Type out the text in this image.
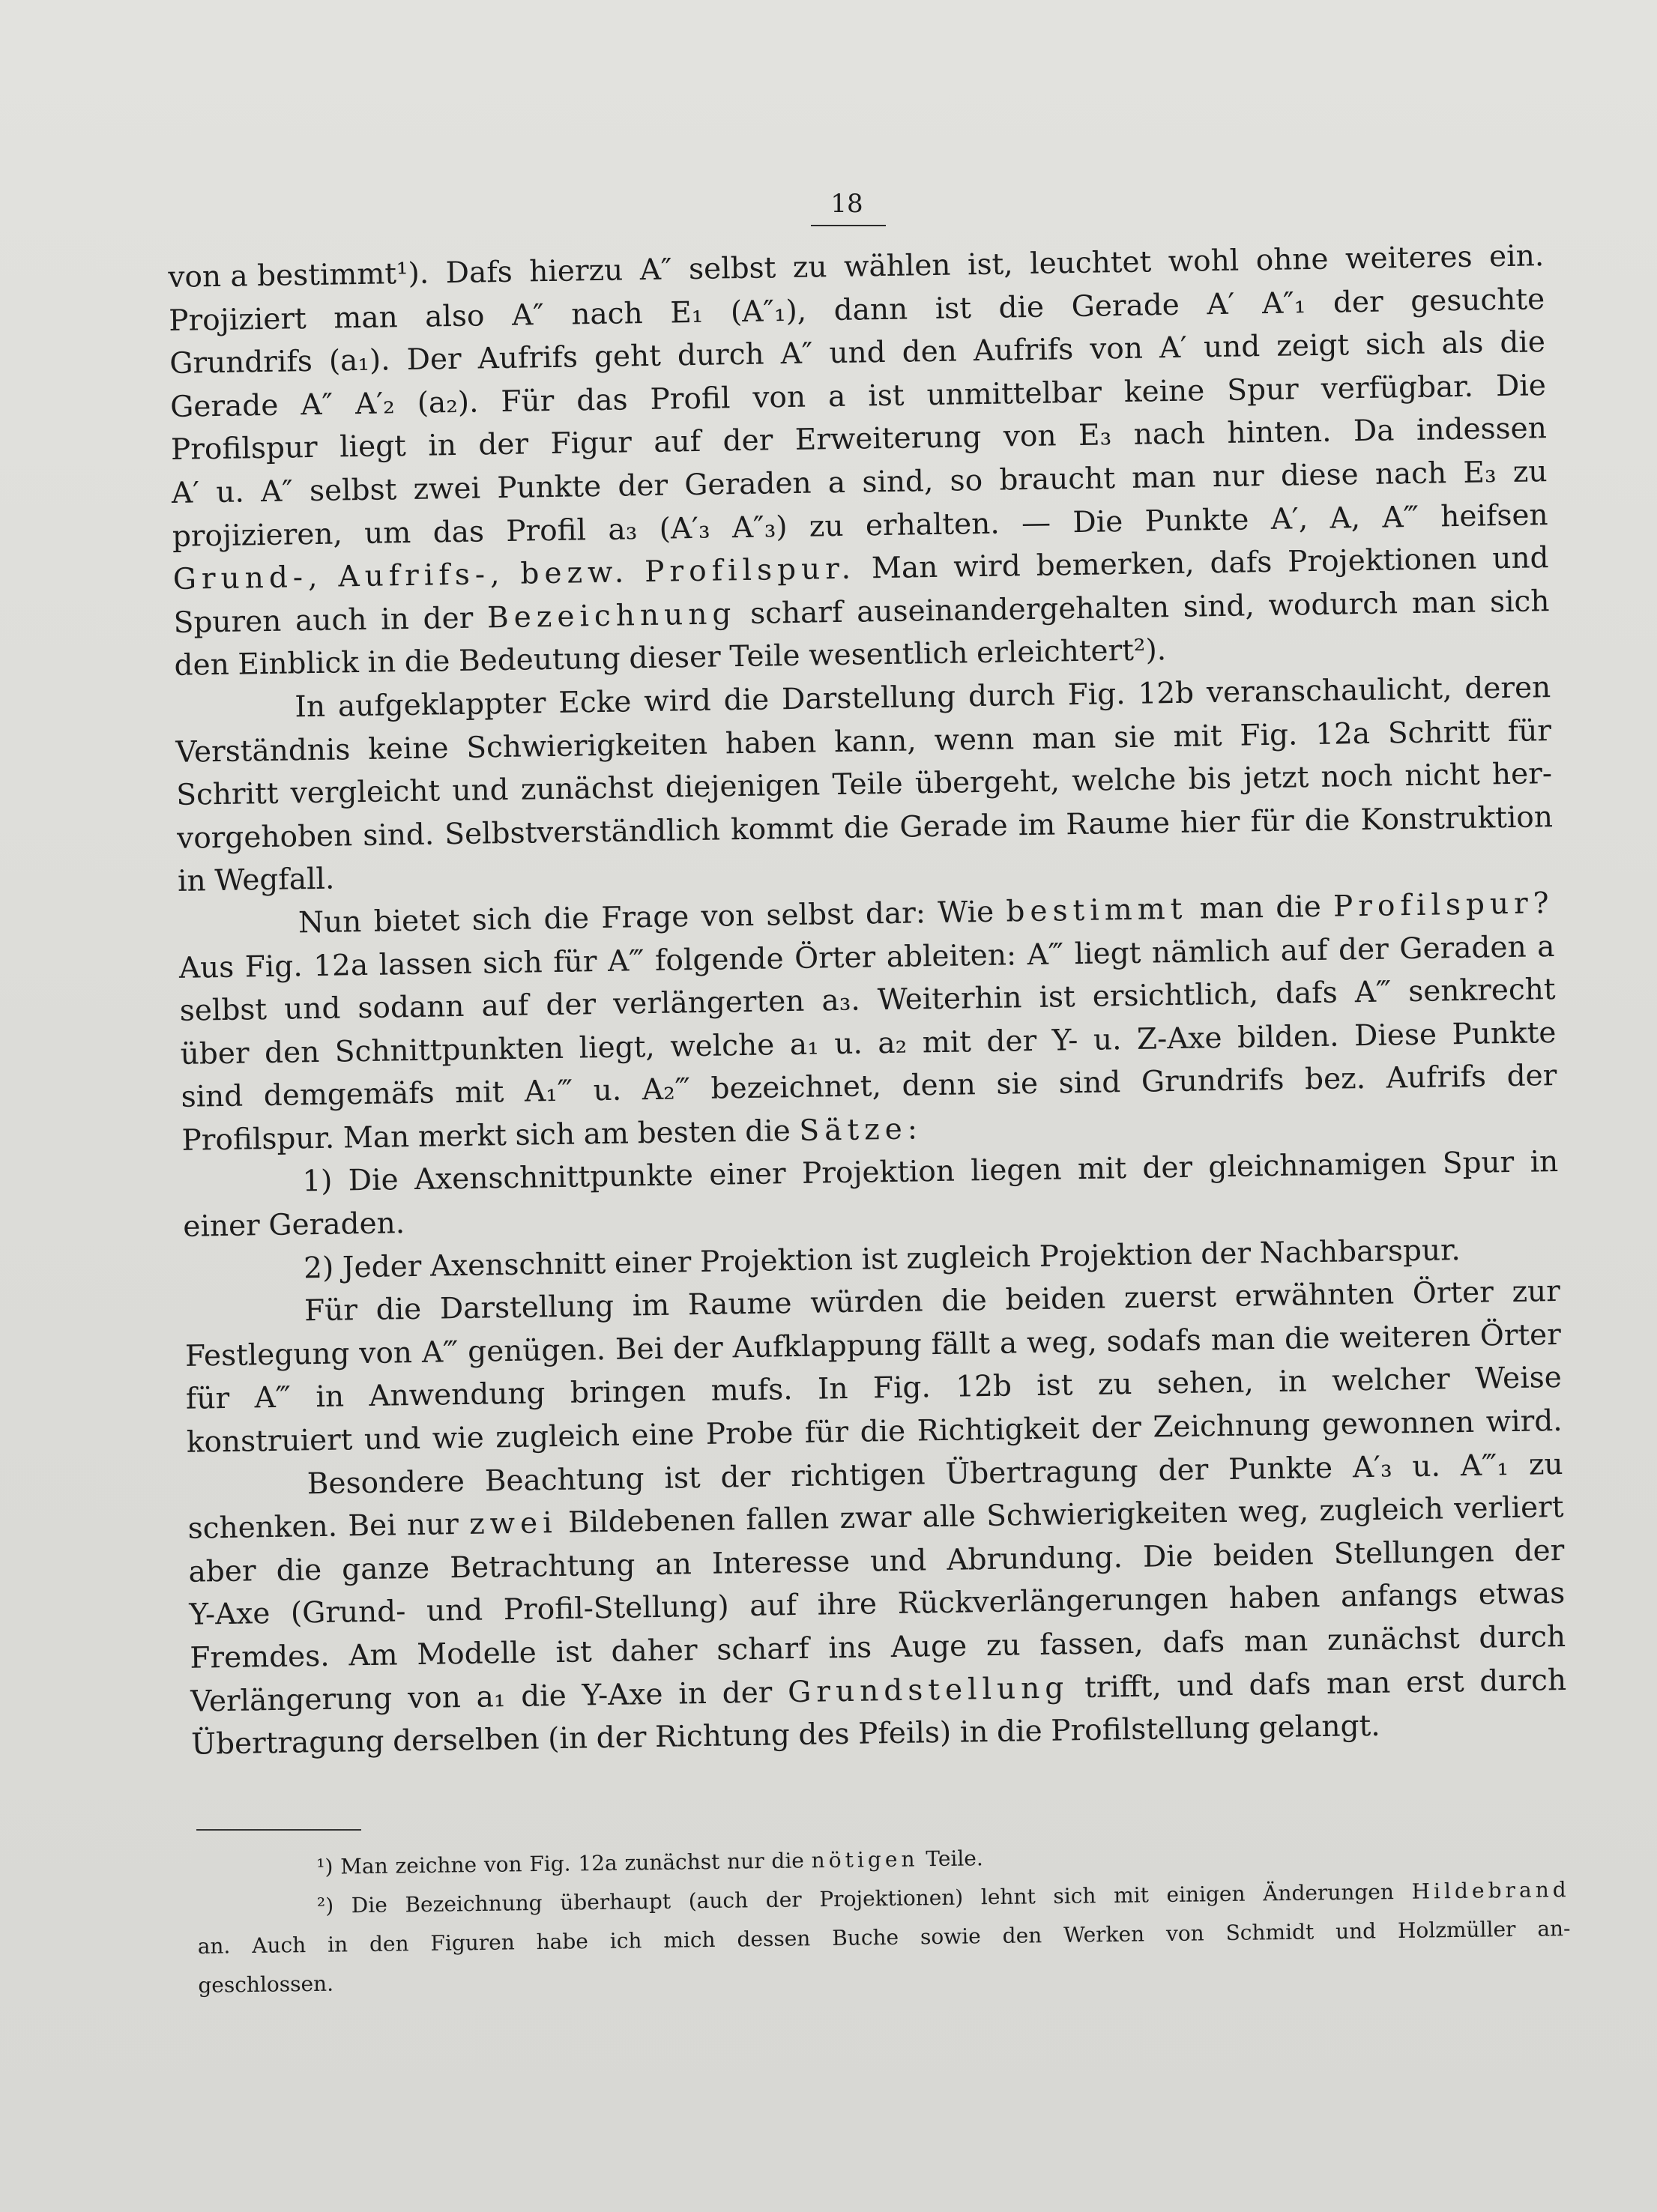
18
von a bestimmt¹). Dafs hierzu A″ selbst zu wählen ist, leuchtet wohl ohne weiteres ein.
Projiziert man also A″ nach E₁ (A″₁), dann ist die Gerade A′ A″₁ der gesuchte
Grundrifs (a₁). Der Aufrifs geht durch A″ und den Aufrifs von A′ und zeigt sich als die
Gerade A″ A′₂ (a₂). Für das Profil von a ist unmittelbar keine Spur verfügbar. Die
Profilspur liegt in der Figur auf der Erweiterung von E₃ nach hinten. Da indessen
A′ u. A″ selbst zwei Punkte der Geraden a sind, so braucht man nur diese nach E₃ zu
projizieren, um das Profil a₃ (A′₃ A″₃) zu erhalten. — Die Punkte A′, A, A‴ heifsen
Grund-, Aufrifs-, bezw. Profilspur. Man wird bemerken, dafs Projektionen und
Spuren auch in der Bezeichnung scharf auseinandergehalten sind, wodurch man sich
den Einblick in die Bedeutung dieser Teile wesentlich erleichtert²).
In aufgeklappter Ecke wird die Darstellung durch Fig. 12b veranschaulicht, deren
Verständnis keine Schwierigkeiten haben kann, wenn man sie mit Fig. 12a Schritt für
Schritt vergleicht und zunächst diejenigen Teile übergeht, welche bis jetzt noch nicht her-
vorgehoben sind. Selbstverständlich kommt die Gerade im Raume hier für die Konstruktion
in Wegfall.
Nun bietet sich die Frage von selbst dar: Wie bestimmt man die Profilspur?
Aus Fig. 12a lassen sich für A‴ folgende Örter ableiten: A‴ liegt nämlich auf der Geraden a
selbst und sodann auf der verlängerten a₃. Weiterhin ist ersichtlich, dafs A‴ senkrecht
über den Schnittpunkten liegt, welche a₁ u. a₂ mit der Y- u. Z-Axe bilden. Diese Punkte
sind demgemäfs mit A₁‴ u. A₂‴ bezeichnet, denn sie sind Grundrifs bez. Aufrifs der
Profilspur. Man merkt sich am besten die Sätze:
1) Die Axenschnittpunkte einer Projektion liegen mit der gleichnamigen Spur in
einer Geraden.
2) Jeder Axenschnitt einer Projektion ist zugleich Projektion der Nachbarspur.
Für die Darstellung im Raume würden die beiden zuerst erwähnten Örter zur
Festlegung von A‴ genügen. Bei der Aufklappung fällt a weg, sodafs man die weiteren Örter
für A‴ in Anwendung bringen mufs. In Fig. 12b ist zu sehen, in welcher Weise
konstruiert und wie zugleich eine Probe für die Richtigkeit der Zeichnung gewonnen wird.
Besondere Beachtung ist der richtigen Übertragung der Punkte A′₃ u. A‴₁ zu
schenken. Bei nur zwei Bildebenen fallen zwar alle Schwierigkeiten weg, zugleich verliert
aber die ganze Betrachtung an Interesse und Abrundung. Die beiden Stellungen der
Y-Axe (Grund- und Profil-Stellung) auf ihre Rückverlängerungen haben anfangs etwas
Fremdes. Am Modelle ist daher scharf ins Auge zu fassen, dafs man zunächst durch
Verlängerung von a₁ die Y-Axe in der Grundstellung trifft, und dafs man erst durch
Übertragung derselben (in der Richtung des Pfeils) in die Profilstellung gelangt.
¹) Man zeichne von Fig. 12a zunächst nur die nötigen Teile.
²) Die Bezeichnung überhaupt (auch der Projektionen) lehnt sich mit einigen Änderungen Hildebrand
an. Auch in den Figuren habe ich mich dessen Buche sowie den Werken von Schmidt und Holzmüller an-
geschlossen.
